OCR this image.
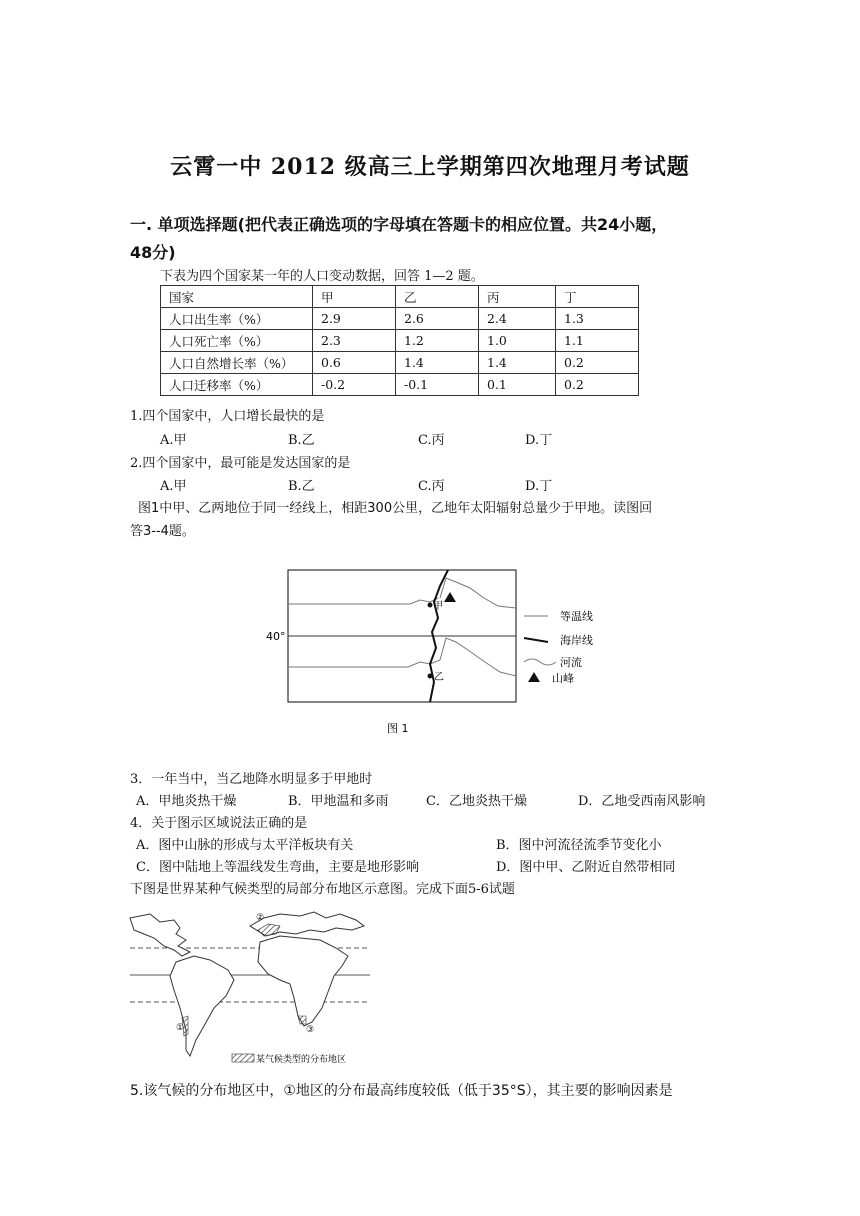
云霄一中 2012 级高三上学期第四次地理月考试题
一. 单项选择题(把代表正确选项的字母填在答题卡的相应位置。共24小题，
48分)
下表为四个国家某一年的人口变动数据，回答 1—2 题。
国家	甲	乙	丙	丁
人口出生率（%）	2.9	2.6	2.4	1.3
人口死亡率（%）	2.3	1.2	1.0	1.1
人口自然增长率（%）	0.6	1.4	1.4	0.2
人口迁移率（%）	-0.2	-0.1	0.1	0.2
1.四个国家中，人口增长最快的是
A.甲	B.乙	C.丙	D.丁
2.四个国家中，最可能是发达国家的是
A.甲	B.乙	C.丙	D.丁
图1中甲、乙两地位于同一经线上，相距300公里，乙地年太阳辐射总量少于甲地。读图回
答3--4题。
40°
甲
乙
等温线
海岸线
河流
山峰
图 1
3．一年当中，当乙地降水明显多于甲地时
A．甲地炎热干燥	B．甲地温和多雨	C．乙地炎热干燥	D．乙地受西南风影响
4．关于图示区域说法正确的是
A．图中山脉的形成与太平洋板块有关	B．图中河流径流季节变化小
C．图中陆地上等温线发生弯曲，主要是地形影响	D．图中甲、乙附近自然带相同
下图是世界某种气候类型的局部分布地区示意图。完成下面5-6试题
②
①	③
某气候类型的分布地区
5.该气候的分布地区中，①地区的分布最高纬度较低（低于35°S），其主要的影响因素是
